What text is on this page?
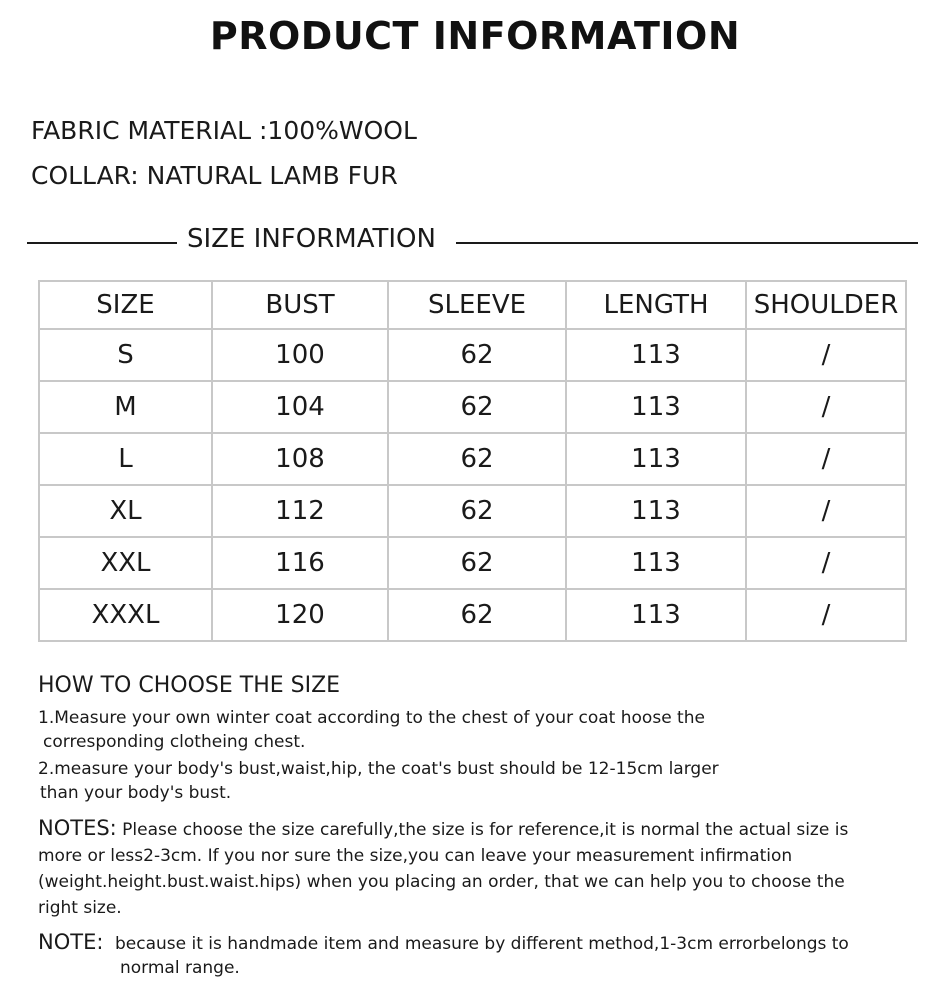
PRODUCT INFORMATION
FABRIC MATERIAL :100%WOOL
COLLAR: NATURAL LAMB FUR
SIZE INFORMATION
SIZE	BUST	SLEEVE	LENGTH	SHOULDER
S	100	62	113	/
M	104	62	113	/
L	108	62	113	/
XL	112	62	113	/
XXL	116	62	113	/
XXXL	120	62	113	/
HOW TO CHOOSE THE SIZE
1.Measure your own winter coat according to the chest of your coat hoose the
corresponding clotheing chest.
2.measure your body's bust,waist,hip, the coat's bust should be 12-15cm larger
than your body's bust.
NOTES: Please choose the size carefully,the size is for reference,it is normal the actual size is more or less2-3cm. If you nor sure the size,you can leave your measurement infirmation (weight.height.bust.waist.hips) when you placing an order, that we can help you to choose the right size.
NOTE: because it is handmade item and measure by different method,1-3cm errorbelongs to
normal range.
